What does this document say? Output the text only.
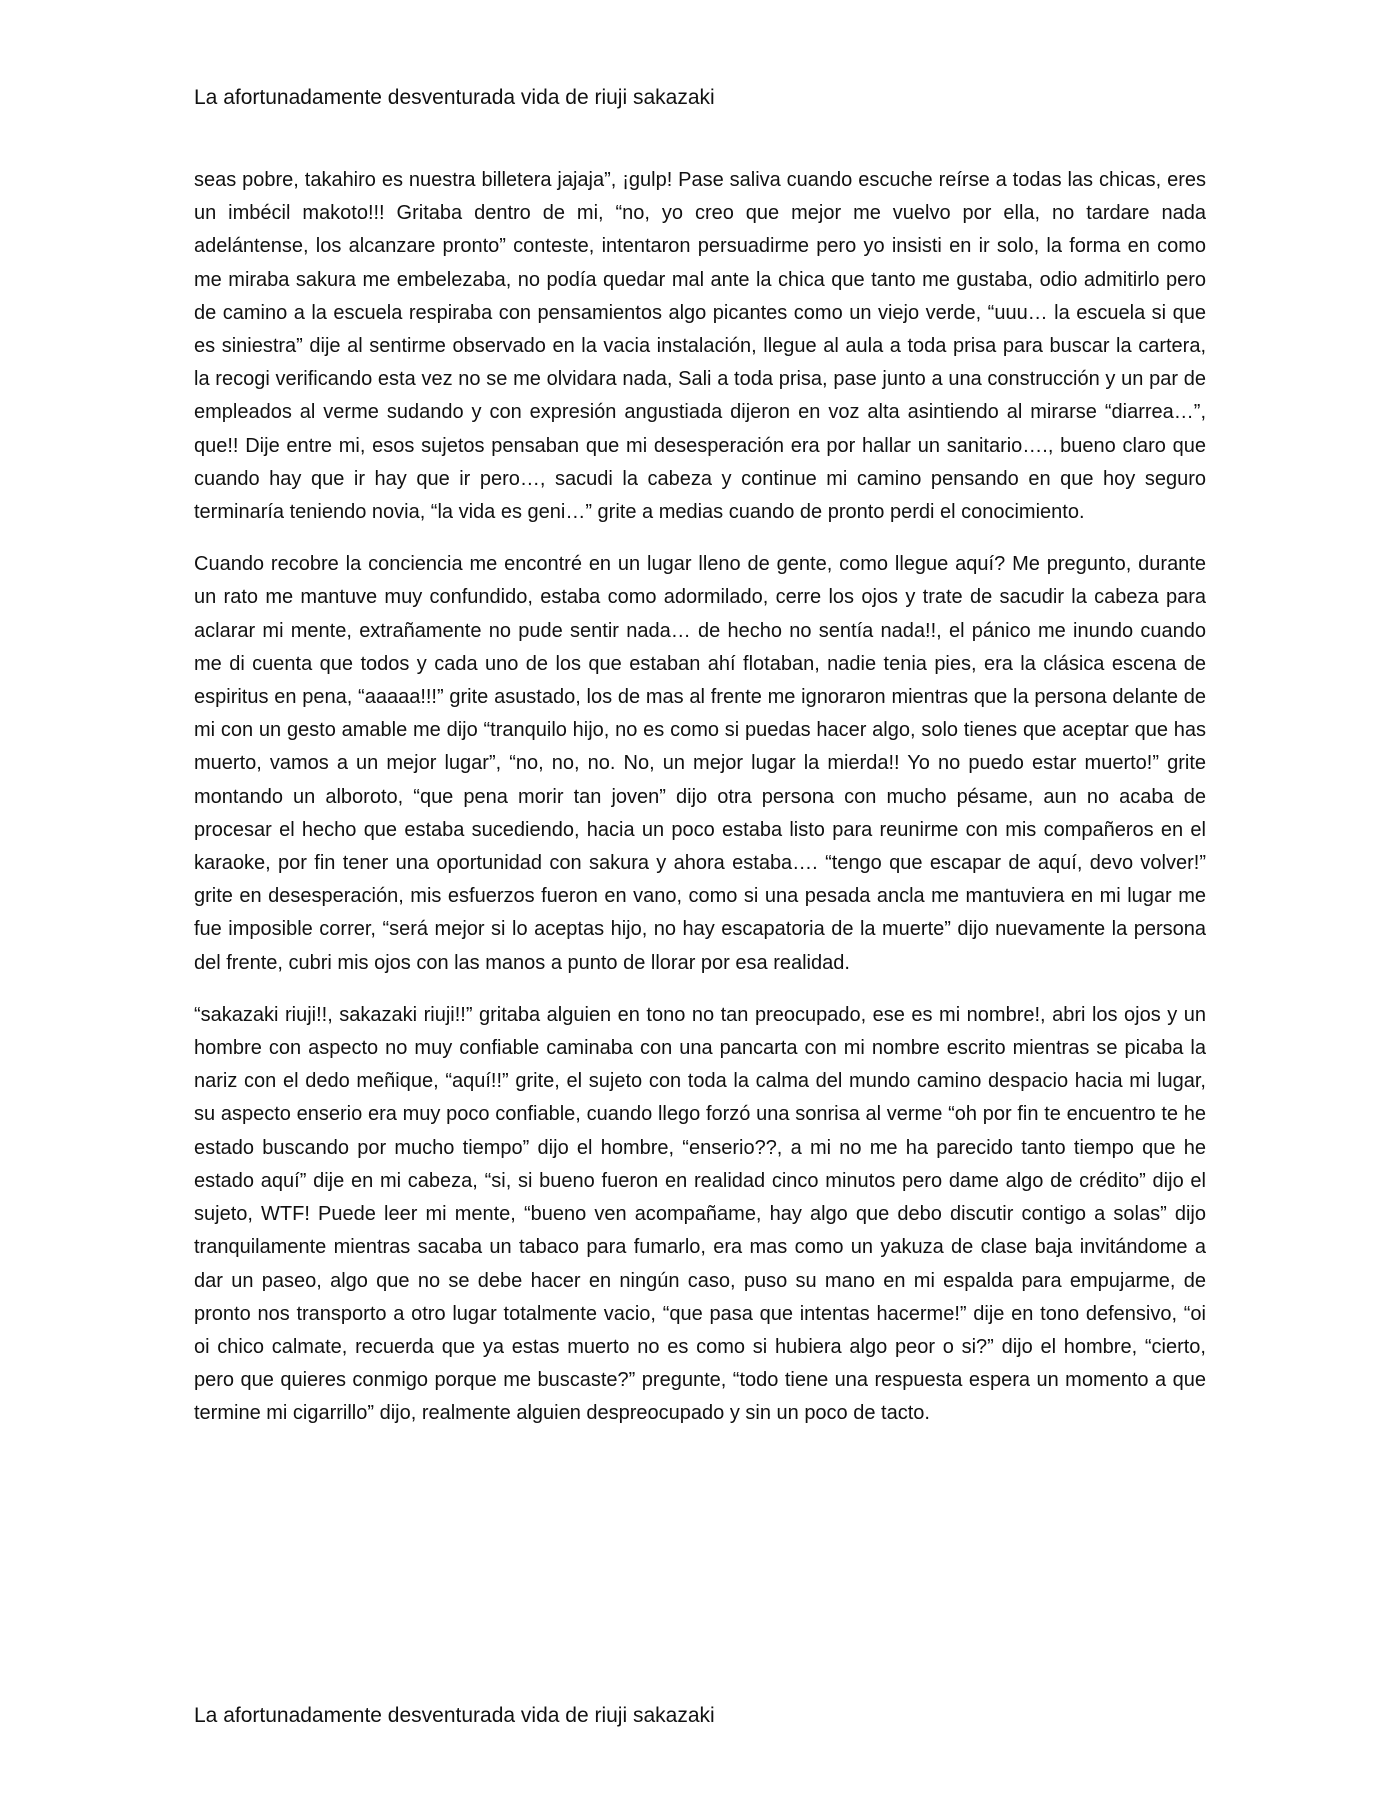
La afortunadamente desventurada vida de riuji sakazaki

seas pobre, takahiro es nuestra billetera jajaja”, ¡gulp! Pase saliva cuando escuche reírse a todas las chicas, eres un imbécil makoto!!! Gritaba dentro de mi, “no, yo creo que mejor me vuelvo por ella, no tardare nada adelántense, los alcanzare pronto” conteste, intentaron persuadirme pero yo insisti en ir solo, la forma en como me miraba sakura me embelezaba, no podía quedar mal ante la chica que tanto me gustaba, odio admitirlo pero de camino a la escuela respiraba con pensamientos algo picantes como un viejo verde, “uuu… la escuela si que es siniestra” dije al sentirme observado en la vacia instalación, llegue al aula a toda prisa para buscar la cartera, la recogi verificando esta vez no se me olvidara nada, Sali a toda prisa, pase junto a una construcción y un par de empleados al verme sudando y con expresión angustiada dijeron en voz alta asintiendo al mirarse “diarrea…”, que!! Dije entre mi, esos sujetos pensaban que mi desesperación era por hallar un sanitario…., bueno claro que cuando hay que ir hay que ir pero…, sacudi la cabeza y continue mi camino pensando en que hoy seguro terminaría teniendo novia, “la vida es geni…” grite a medias cuando de pronto perdi el conocimiento.

Cuando recobre la conciencia me encontré en un lugar lleno de gente, como llegue aquí? Me pregunto, durante un rato me mantuve muy confundido, estaba como adormilado, cerre los ojos y trate de sacudir la cabeza para aclarar mi mente, extrañamente no pude sentir nada… de hecho no sentía nada!!, el pánico me inundo cuando me di cuenta que todos y cada uno de los que estaban ahí flotaban, nadie tenia pies, era la clásica escena de espiritus en pena, “aaaaa!!!” grite asustado, los de mas al frente me ignoraron mientras que la persona delante de mi con un gesto amable me dijo “tranquilo hijo, no es como si puedas hacer algo, solo tienes que aceptar que has muerto, vamos a un mejor lugar”, “no, no, no. No, un mejor lugar la mierda!! Yo no puedo estar muerto!” grite montando un alboroto, “que pena morir tan joven” dijo otra persona con mucho pésame, aun no acaba de procesar el hecho que estaba sucediendo, hacia un poco estaba listo para reunirme con mis compañeros en el karaoke, por fin tener una oportunidad con sakura y ahora estaba…. “tengo que escapar de aquí, devo volver!” grite en desesperación, mis esfuerzos fueron en vano, como si una pesada ancla me mantuviera en mi lugar me fue imposible correr, “será mejor si lo aceptas hijo, no hay escapatoria de la muerte” dijo nuevamente la persona del frente, cubri mis ojos con las manos a punto de llorar por esa realidad.

“sakazaki riuji!!, sakazaki riuji!!” gritaba alguien en tono no tan preocupado, ese es mi nombre!, abri los ojos y un hombre con aspecto no muy confiable caminaba con una pancarta con mi nombre escrito mientras se picaba la nariz con el dedo meñique, “aquí!!” grite, el sujeto con toda la calma del mundo camino despacio hacia mi lugar, su aspecto enserio era muy poco confiable, cuando llego forzó una sonrisa al verme “oh por fin te encuentro te he estado buscando por mucho tiempo” dijo el hombre, “enserio??, a mi no me ha parecido tanto tiempo que he estado aquí” dije en mi cabeza, “si, si bueno fueron en realidad cinco minutos pero dame algo de crédito” dijo el sujeto, WTF! Puede leer mi mente, “bueno ven acompañame, hay algo que debo discutir contigo a solas” dijo tranquilamente mientras sacaba un tabaco para fumarlo, era mas como un yakuza de clase baja invitándome a dar un paseo, algo que no se debe hacer en ningún caso, puso su mano en mi espalda para empujarme, de pronto nos transporto a otro lugar totalmente vacio, “que pasa que intentas hacerme!” dije en tono defensivo, “oi oi chico calmate, recuerda que ya estas muerto no es como si hubiera algo peor o si?” dijo el hombre, “cierto, pero que quieres conmigo porque me buscaste?” pregunte, “todo tiene una respuesta espera un momento a que termine mi cigarrillo” dijo, realmente alguien despreocupado y sin un poco de tacto.

La afortunadamente desventurada vida de riuji sakazaki
